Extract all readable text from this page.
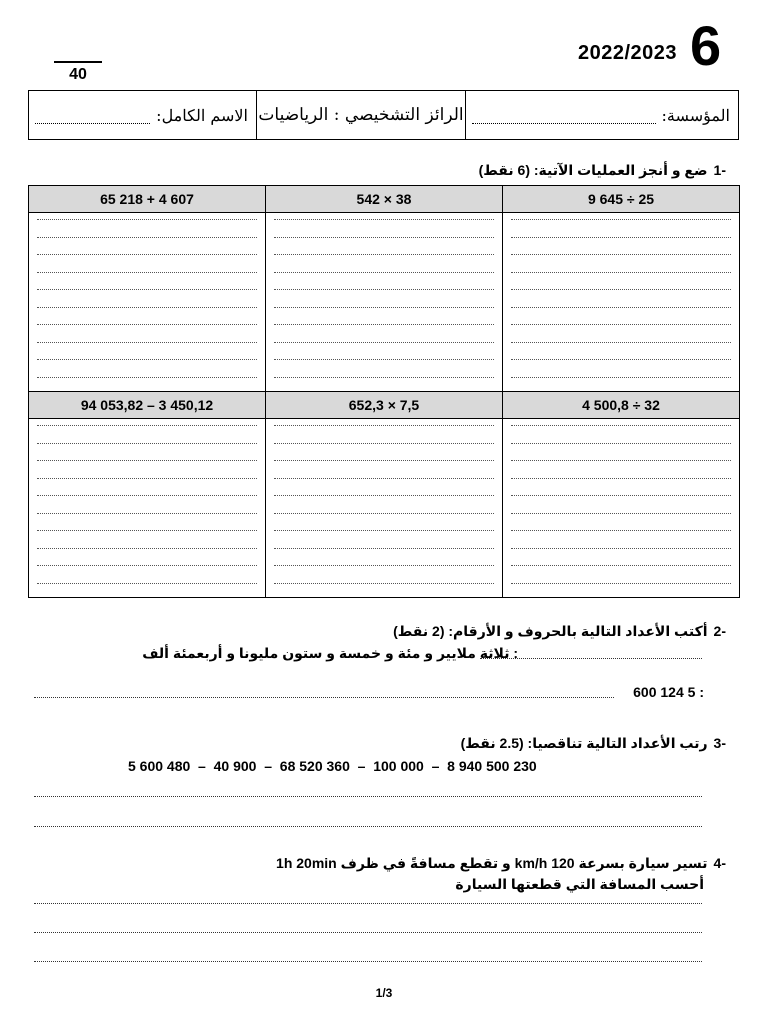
6
2022/2023
40
الاسم الكامل: الرائز التشخيصي : الرياضيات	المؤسسة:
-1ضع و أنجز العمليات الآتية: (6 نقط)
65 218 + 4 607	542 × 38	9 645 ÷ 25

94 053,82 – 3 450,12	652,3 × 7,5	4 500,8 ÷ 32

-2أكتب الأعداد التالية بالحروف و الأرقام: (2 نقط)
: ثلاثة ملايير و مئة و خمسة و ستون مليونا و أربعمئة ألف
: 5 124 600
-3رتب الأعداد التالية تناقصيا: (2.5 نقط)
5 600 480  –  40 900  –  68 520 360  –  100 000  –  8 940 500 230
-4تسير سيارة بسرعة 120 km/h و تقطع مسافةً في ظرف 1h 20min
أحسب المسافة التي قطعتها السيارة
1/3
